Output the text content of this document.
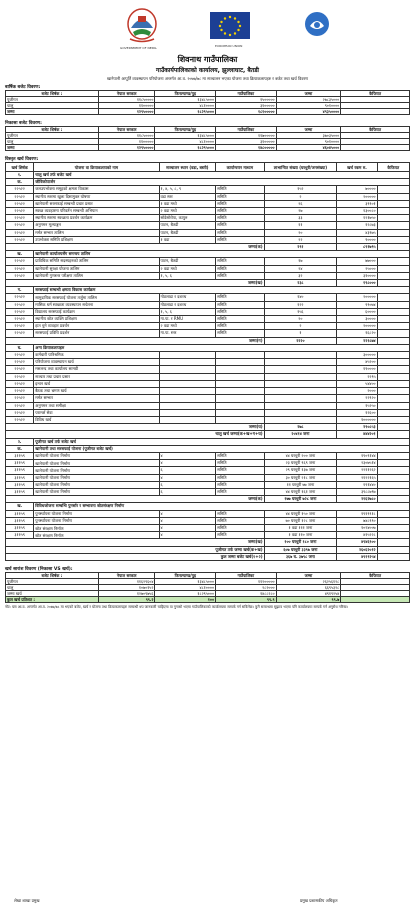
GOVERNMENT OF NEPAL	EUROPEAN UNION
शिवनाथ गाउँपालिका
गाउँकार्यपालिकाको कार्यालय, झुल्लाघाट, बैतडी
खानेपानी आपूर्ति व्यवस्थापन परियोजना अन्तर्गत आ.व. २०७७/७८ मा सञ्चालन भएका योजना तथा क्रियाकलापहरु र बजेट तथा खर्च विवरण
बार्षिक बजेट विवरण:
बजेट शिर्षक :	नेपाल सरकार	फिनल्याण्ड/युइ	गाउँपालिका	जम्मा	कैफियत
पूजीगत	११८५००००	१३४८५०००	१५०००००	२७८३५०००	
चालु	११०००००	४८१००००	३१०००००	९०१००००	
जम्मा	१२९५००००	१८२९५०००	१८१०००००	४९३५००००	
निकासा बजेट विवरण:
बजेट शिर्षक :	नेपाल सरकार	फिनल्याण्ड/युइ	गाउँपालिका	जम्मा	कैफियत
पूजीगत	११८५००००	१३४८५०००	११७०००००	३७०३५०००	
चालु	११०००००	४८१००००	३१०००००	९०१००००	
जम्मा	१२९५००००	१८२९५०००	१४८०००००	४६०४५०००	
विस्तृत खर्च विवरण:
खर्च शिर्षक	योजना वा क्रियाकलापको नाम	सञ्चालन स्थान (वडा, बस्ती)	कार्यान्वयन माध्यम	लाभान्वित संख्या (घरधुरी/जनसंख्या)	खर्च रकम रु.	कैफियत
१.	चालु खर्च तर्फ बजेट खर्च					
क.	जीविकोपार्जन					
२२५२२	जलउपभोक्ता समूहको क्षमता विकास	१, ४, ५, ८, ९	समिति	१५२	७००००	
२२५२२	स्थानीय स्तरमा खुला दिसामुक्त घोषणा	वडा स्तर	समिति	२	२०००००	
२२५२२	खानेपानी सरसफाई सम्बन्धी प्रचार प्रसार	१ वडा मध्ये	समिति	२६	३९९०१	
२२५२२	स्वच्छ व्यवहारमा परिवर्तन सम्बन्धी अभियान	२ वडा मध्ये	समिति	२७	१३००८०	
२२५२२	स्थानीय स्तरमा स्वच्छता प्रवर्धन कार्यक्रम	सोडेसोरोपा, कापुरु	समिति	३३	१२१७५०	
२२५२२	अनुगमन मूल्याङ्कन	पाटन, बैतडी	समिति	११	१२८७३	
२२५२२	मर्मत सम्भार तालिम	पाटन, बैतडी	समिति	२०	४३९७५	
२२५२२	उपभोक्ता समिति प्रशिक्षण	१ वडा	समिति	२२	९००००	
जम्मा(क)				२९१	८९१७९५	
ख.	खानेपानी कार्यालयसँग समन्वय तालिम					
२२५२२	प्राविधिक समिति सदस्यहरुको तालिम	पाटन, बैतडी	समिति	१७	७७०००	
२२५२२	खानेपानी सुरक्षा योजना तालिम	२ वडा मध्ये	समिति	२४	२५०००	
२२५२२	खानेपानी गुणस्तर परीक्षण तालिम	१, ५, ६	समिति	३२	३१००००	
जम्मा(ख)				२३८	१९८०००	
ग.	सरसफाई सम्बन्धी क्षमता विकास कार्यक्रम					
२२५२२	सामुदायिक सरसफाई योजना तर्जुमा तालिम	गोठलाडा र दशरथ	समिति	१४०	२०००००	
२२५२२	मासिक धर्म स्वच्छता व्यवस्थापन सचेतना	गोठलाडा र दशरथ	समिति	१२२	९९०७४	
२२५२२	विद्यालय सरसफाई कार्यक्रम	१, ५, ६	समिति	१५६	६००००	
२२५२२	स्थानीय स्रोत व्यक्ति प्रशिक्षण	गा.पा. र RMU	समिति	२०	३००००	
२२५२२	हात धुने व्यवहार प्रवर्धन	२ वडा मध्ये	समिति	२	२०००००	
२२५२२	सरसफाई प्रविधि प्रदर्शन	गा.पा. स्तर	समिति	१	१६८२०	
जम्मा(ग)				२२२०	२२१८७४	
घ.	अन्य क्रियाकलापहरु					
२२५२२	कर्मचारी पारिश्रमिक				३०००००	
२२५२२	परियोजना व्यवस्थापन खर्च				४५२००	
२२५२२	मसलन्द तथा कार्यालय सामग्री				१९००००	
२२५२२	सञ्चार तथा प्रचार प्रसार				२२९५	
२२५२२	इन्धन खर्च				५४४००	
२२५२२	बैठक तथा भ्रमण खर्च				२०००	
२२५२२	मर्मत सम्भार				२२९२०	
२२५२२	अनुगमन तथा समीक्षा				१५२५०	
२२५२२	परामर्श सेवा				१२६००	
२२५२२	विविध खर्च				१००००००	
जम्मा(घ)				२७८	२९०८५३	
चालु खर्च जम्मा(क+ख+ग+घ)				२०४१४ जना	४४४२०१	
२.	पूजीगत खर्च तर्फ बजेट खर्च					
क.	खानेपानी तथा सरसफाई योजना (पूजीगत बजेट खर्च)					
३११५९	खानेपानी योजना निर्माण	४	समिति	४४ घरधुरी २०० जना	१९०९१४४	
३११५९	खानेपानी योजना निर्माण	४	समिति	२३ घरधुरी ९६९ जना	२३०७५१४	
३११५९	खानेपानी योजना निर्माण	६	समिति	२९ घरधुरी १३७ जना	२२११२६२	
३११५९	खानेपानी योजना निर्माण	४	समिति	३० घरधुरी २१८ जना	२१२२१६५	
३११५९	खानेपानी योजना निर्माण	६	समिति	११ घरधुरी ७७ जना	१९१४४०	
३११५९	खानेपानी योजना निर्माण	६	समिति	४४ घरधुरी १६१ जना	३९८८७९७	
जम्मा(क)				१७७ घरधुरी ७२८ जना	२१६२७८०	
ख.	विविधजोजना सम्बन्धि पुनर्सार र सम्भावना स्रोतसंरक्षण निर्माण					
३११५९	पुनर्स्थापना योजना निर्माण	४	समिति	४४ घरधुरी १५० जना	१९१९९१८	
३११५९	पुनर्स्थापना योजना निर्माण	४	समिति	७० घरधुरी १२८ जना	७४८९९०	
३११५९	स्रोत संरक्षण निर्माण	४	समिति	१ वडा १११ जना	१०२४००७	
३११५९	स्रोत संरक्षण निर्माण	४	समिति	१ वडा ११० जना	४१५२२८	
जम्मा(ख)				१०० घरधुरी १८० जना	४९४६९००	
पूजीगत तर्फ जम्मा खर्च(क+ख)				६०७ घरधुरी ३३९७ जना	२६०६२०१२	
कुल जम्मा बजेट खर्च(१+२)				३६७ घ. ३७९८ जना	४९१९२५४	
खर्च सारांश विवरण (निकासा VS खर्च):
बजेट शिर्षक :	नेपाल सरकार	फिनल्याण्ड/युइ	गाउँपालिका	जम्मा	कैफियत
पूजीगत	११६२९६०४	१३४८५०००	११२०००००	२६२५६१२८	
चालु	१०७०१५२	४८१००००	२८२०००	६६९५३२८	
जम्मा खर्च	१२७०९७५६	१८२९५०००	१४८८२८०	४९१९२५४	
कुल खर्च प्रतिशत :	९९.२	१००	९९.९	९९.७	
नोट: यस आ.व. अन्तर्गत आ.व. २०७७/७८ मा भएको बजेट, खर्च र योजना तथा क्रियाकलापहरु सम्बन्धी थप जानकारी चाहिएमा वा गुनासो भएमा गाउँपालिकाको कार्यालयमा सम्पर्क गर्न सकिनेछ। कुनै सम्बन्धमा सुझाव भएमा पनि कार्यालयमा सम्पर्क गर्न अनुरोध गरिन्छ।
लेखा शाखा प्रमुख	प्रमुख प्रशासकीय अधिकृत
